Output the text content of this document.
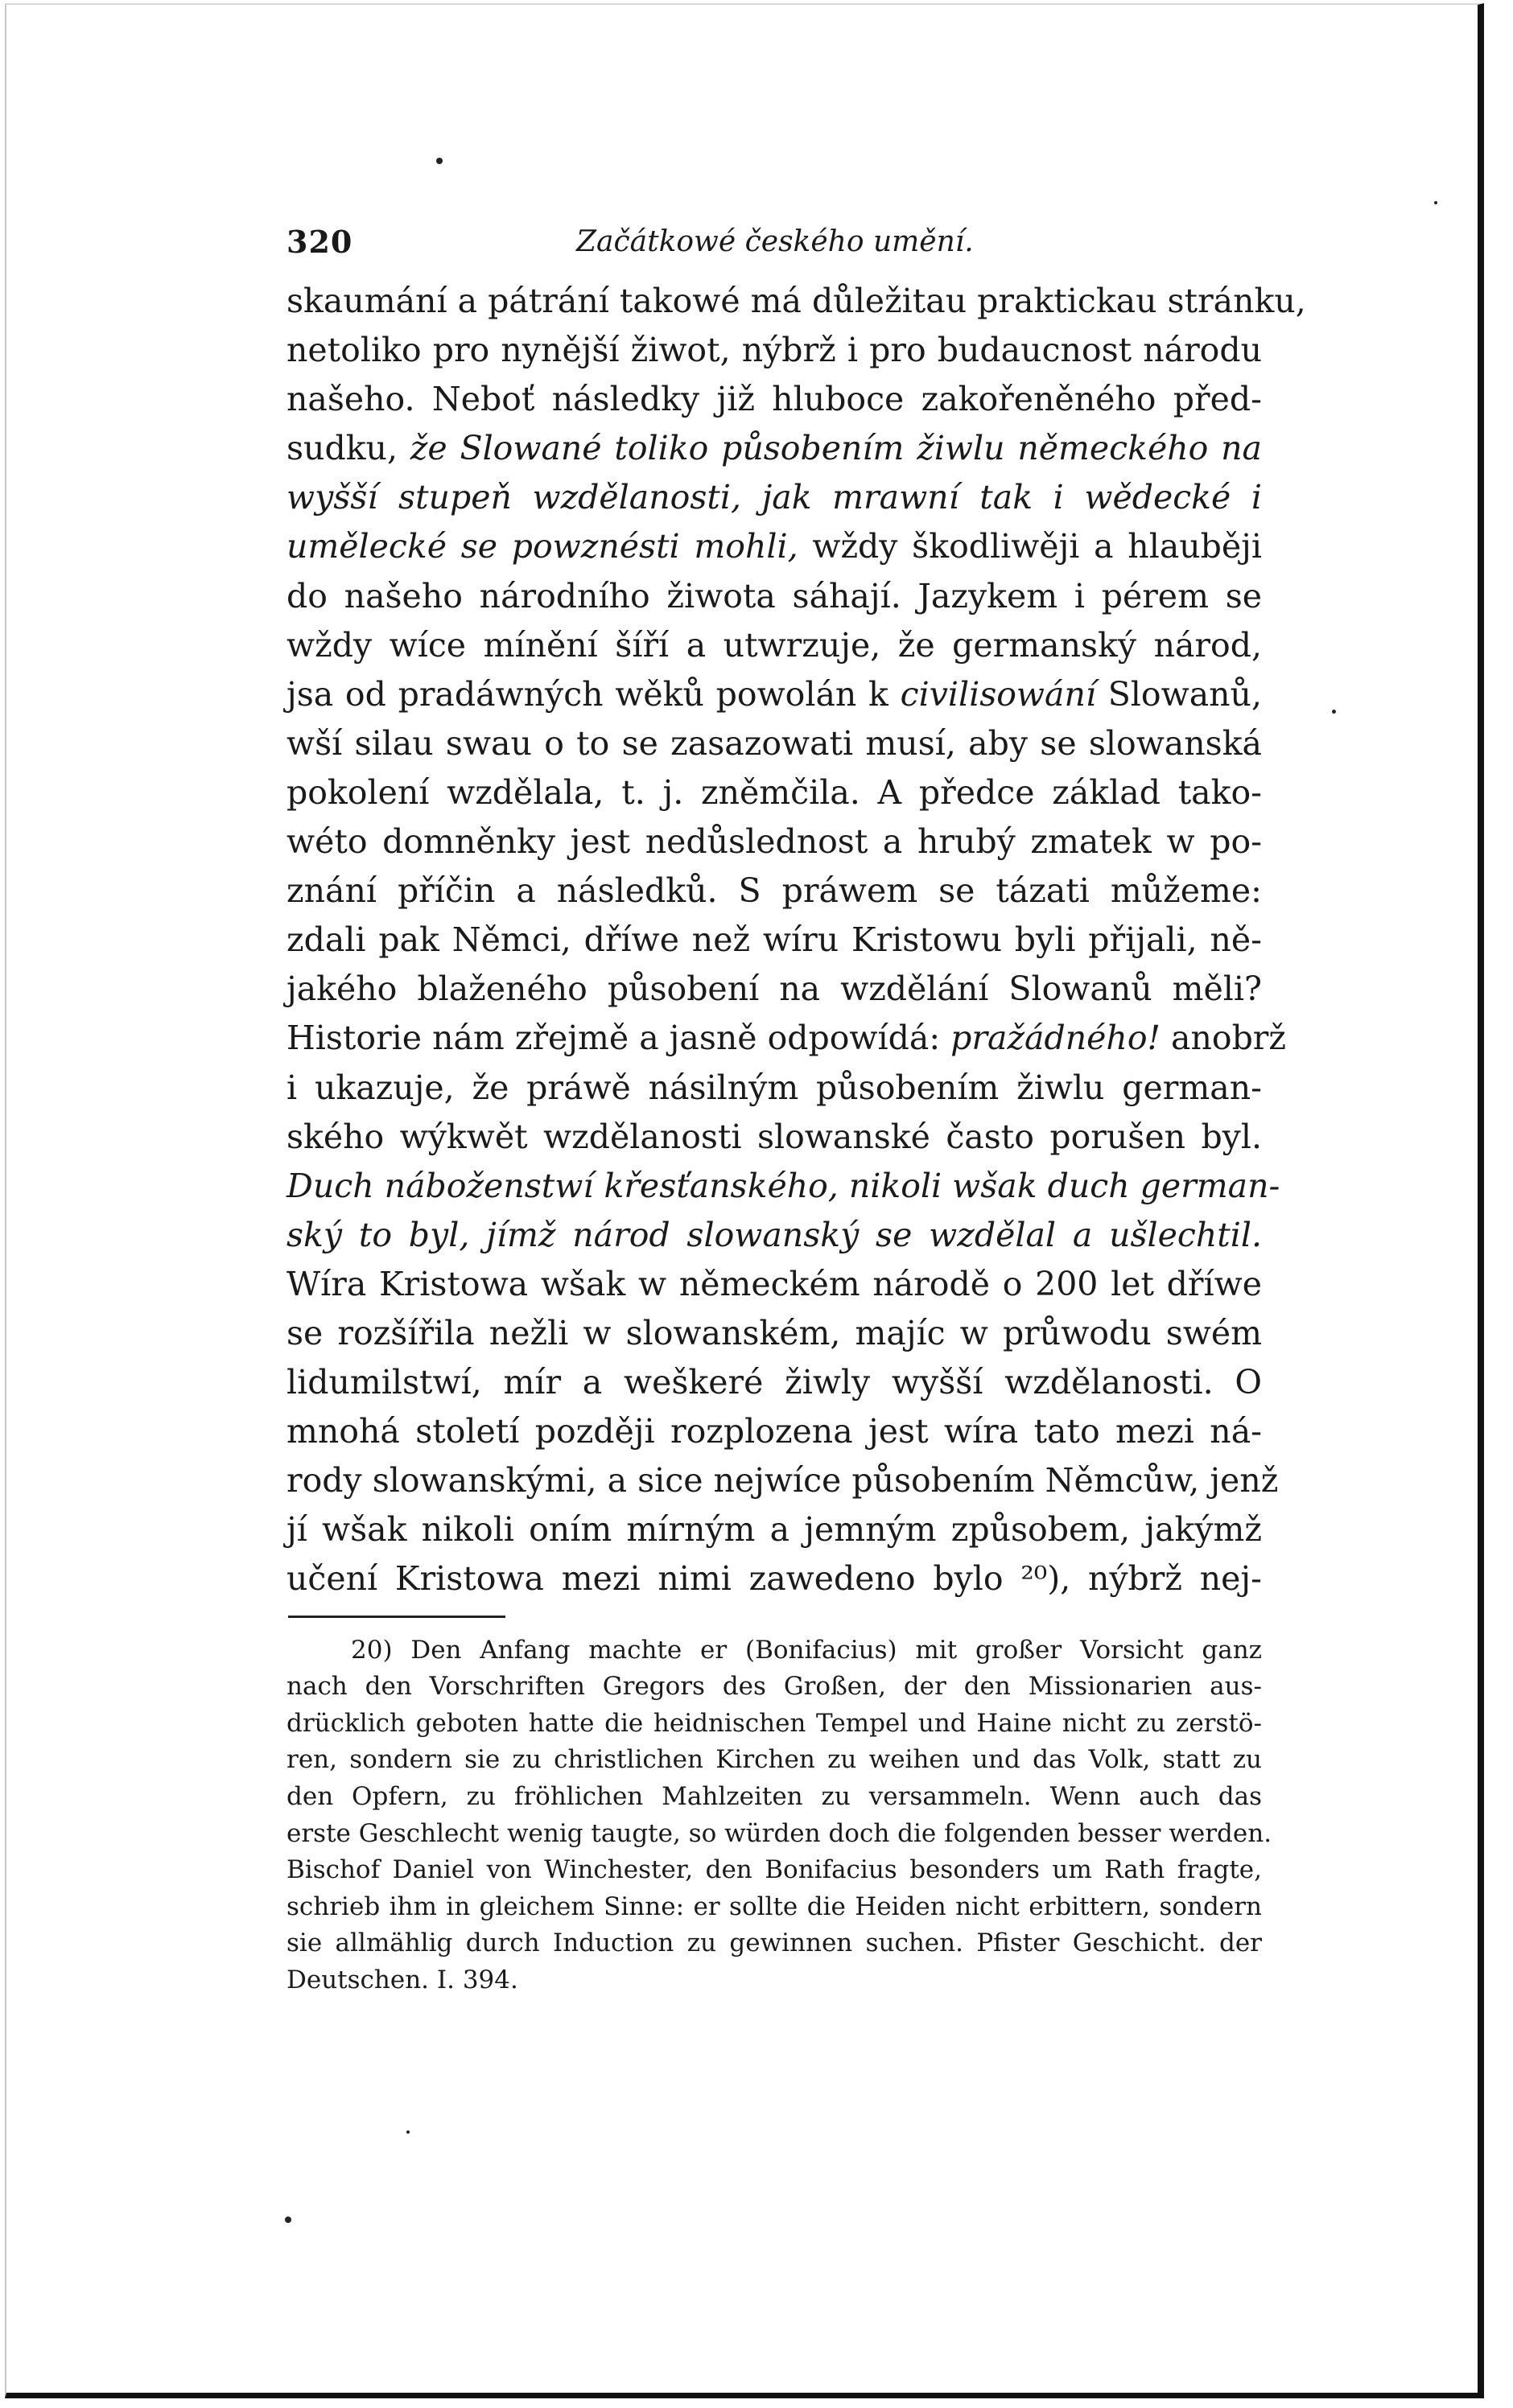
320	Začátkowé českého umění.
skaumání a pátrání takowé má důležitau praktickau stránku,
netoliko pro nynější žiwot, nýbrž i pro budaucnost národu
našeho. Neboť následky již hluboce zakořeněného před-
sudku, že Slowané toliko působením žiwlu německého na
wyšší stupeň wzdělanosti, jak mrawní tak i wědecké i
umělecké se powznésti mohli, wždy škodliwěji a hlauběji
do našeho národního žiwota sáhají. Jazykem i pérem se
wždy wíce mínění šíří a utwrzuje, že germanský národ,
jsa od pradáwných wěků powolán k civilisowání Slowanů,
wší silau swau o to se zasazowati musí, aby se slowanská
pokolení wzdělala, t. j. zněmčila. A předce základ tako-
wéto domněnky jest nedůslednost a hrubý zmatek w po-
znání příčin a následků. S práwem se tázati můžeme:
zdali pak Němci, dříwe než wíru Kristowu byli přijali, ně-
jakého blaženého působení na wzdělání Slowanů měli?
Historie nám zřejmě a jasně odpowídá: pražádného! anobrž
i ukazuje, že práwě násilným působením žiwlu german-
ského wýkwět wzdělanosti slowanské často porušen byl.
Duch náboženstwí křesťanského, nikoli wšak duch german-
ský to byl, jímž národ slowanský se wzdělal a ušlechtil.
Wíra Kristowa wšak w německém národě o 200 let dříwe
se rozšířila nežli w slowanském, majíc w průwodu swém
lidumilstwí, mír a weškeré žiwly wyšší wzdělanosti. O
mnohá století později rozplozena jest wíra tato mezi ná-
rody slowanskými, a sice nejwíce působením Němcůw, jenž
jí wšak nikoli oním mírným a jemným způsobem, jakýmž
učení Kristowa mezi nimi zawedeno bylo ²⁰), nýbrž nej-
20) Den Anfang machte er (Bonifacius) mit großer Vorsicht ganz
nach den Vorschriften Gregors des Großen, der den Missionarien aus-
drücklich geboten hatte die heidnischen Tempel und Haine nicht zu zerstö-
ren, sondern sie zu christlichen Kirchen zu weihen und das Volk, statt zu
den Opfern, zu fröhlichen Mahlzeiten zu versammeln. Wenn auch das
erste Geschlecht wenig taugte, so würden doch die folgenden besser werden.
Bischof Daniel von Winchester, den Bonifacius besonders um Rath fragte,
schrieb ihm in gleichem Sinne: er sollte die Heiden nicht erbittern, sondern
sie allmählig durch Induction zu gewinnen suchen. Pfister Geschicht. der
Deutschen. I. 394.
